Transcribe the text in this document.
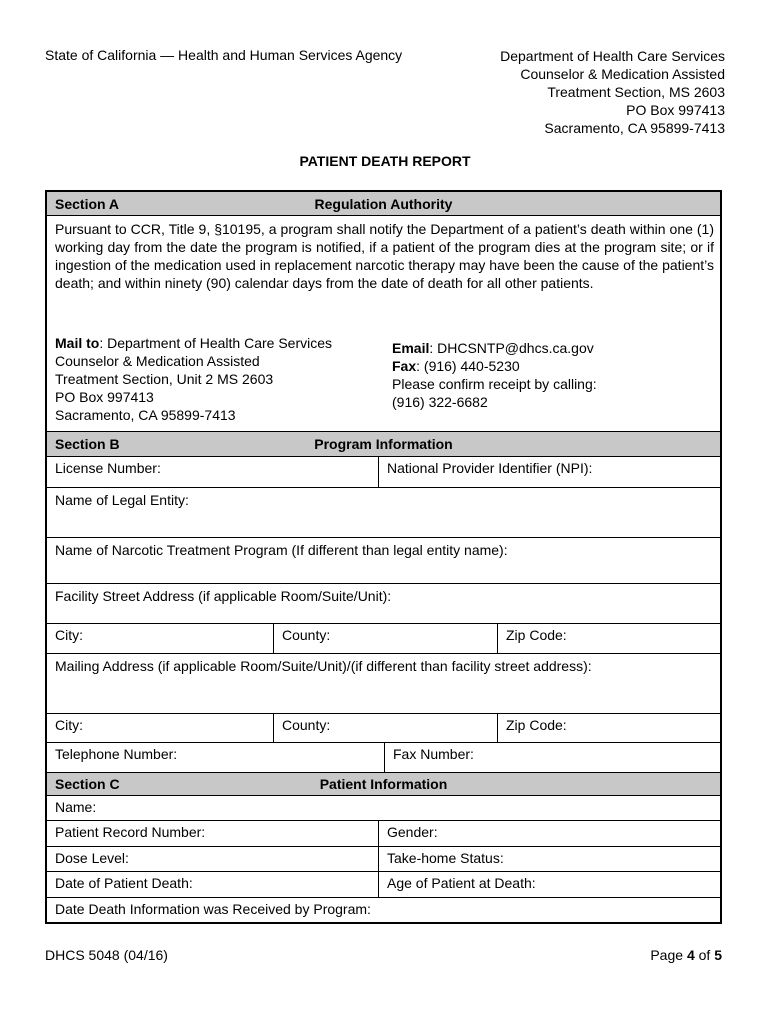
State of California — Health and Human Services Agency	Department of Health Care Services
Counselor & Medication Assisted
Treatment Section, MS 2603
PO Box 997413
Sacramento, CA 95899-7413
PATIENT DEATH REPORT
Section A	Regulation Authority
Pursuant to CCR, Title 9, §10195, a program shall notify the Department of a patient’s death within one (1) working day from the date the program is notified, if a patient of the program dies at the program site; or if ingestion of the medication used in replacement narcotic therapy may have been the cause of the patient’s death; and within ninety (90) calendar days from the date of death for all other patients.
Mail to: Department of Health Care Services
Counselor & Medication Assisted
Treatment Section, Unit 2 MS 2603
PO Box 997413
Sacramento, CA 95899-7413
Email: DHCSNTP@dhcs.ca.gov
Fax: (916) 440-5230
Please confirm receipt by calling:
(916) 322-6682
Section B	Program Information
License Number:	National Provider Identifier (NPI):
Name of Legal Entity:
Name of Narcotic Treatment Program (If different than legal entity name):
Facility Street Address (if applicable Room/Suite/Unit):
City:	County:	Zip Code:
Mailing Address (if applicable Room/Suite/Unit)/(if different than facility street address):
City:	County:	Zip Code:
Telephone Number:	Fax Number:
Section C	Patient Information
Name:
Patient Record Number:	Gender:
Dose Level:	Take-home Status:
Date of Patient Death:	Age of Patient at Death:
Date Death Information was Received by Program:
DHCS 5048 (04/16)	Page 4 of 5
